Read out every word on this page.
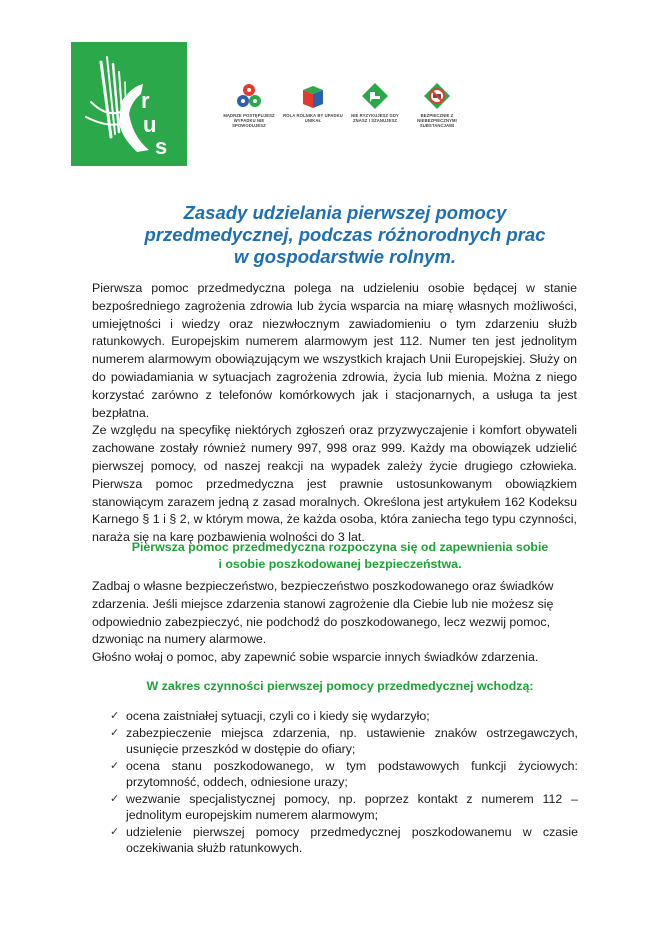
r
u
s
MĄDRZE POSTĘPUJESZ WYPADKU NIE SPOWODUJESZ
ROLA ROLNIKA BY UPADKU UNIKAŁ
NIE RYZYKUJESZ GDY ZNASZ I SZANUJESZ
BEZPIECZNIE Z NIEBEZPIECZNYMI SUBSTANCJAMI
Zasady udzielania pierwszej pomocy
przedmedycznej, podczas różnorodnych prac
w gospodarstwie rolnym.

Pierwsza pomoc przedmedyczna polega na udzieleniu osobie będącej w stanie bezpośredniego zagrożenia zdrowia lub życia wsparcia na miarę własnych możliwości, umiejętności i wiedzy oraz niezwłocznym zawiadomieniu o tym zdarzeniu służb ratunkowych. Europejskim numerem alarmowym jest 112. Numer ten jest jednolitym numerem alarmowym obowiązującym we wszystkich krajach Unii Europejskiej. Służy on do powiadamiania w sytuacjach zagrożenia zdrowia, życia lub mienia. Można z niego korzystać zarówno z telefonów komórkowych jak i stacjonarnych, a usługa ta jest bezpłatna.

Ze względu na specyfikę niektórych zgłoszeń oraz przyzwyczajenie i komfort obywateli zachowane zostały również numery 997, 998 oraz 999. Każdy ma obowiązek udzielić pierwszej pomocy, od naszej reakcji na wypadek zależy życie drugiego człowieka. Pierwsza pomoc przedmedyczna jest prawnie ustosunkowanym obowiązkiem stanowiącym zarazem jedną z zasad moralnych. Określona jest artykułem 162 Kodeksu Karnego § 1 i § 2, w którym mowa, że każda osoba, która zaniecha tego typu czynności, naraża się na karę pozbawienia wolności do 3 lat.

Pierwsza pomoc przedmedyczna rozpoczyna się od zapewnienia sobie
i osobie poszkodowanej bezpieczeństwa.

Zadbaj o własne bezpieczeństwo, bezpieczeństwo poszkodowanego oraz świadków zdarzenia. Jeśli miejsce zdarzenia stanowi zagrożenie dla Ciebie lub nie możesz się odpowiednio zabezpieczyć, nie podchodź do poszkodowanego, lecz wezwij pomoc, dzwoniąc na numery alarmowe.

Głośno wołaj o pomoc, aby zapewnić sobie wsparcie innych świadków zdarzenia.

W zakres czynności pierwszej pomocy przedmedycznej wchodzą:
✓ ocena zaistniałej sytuacji, czyli co i kiedy się wydarzyło;
✓ zabezpieczenie miejsca zdarzenia, np. ustawienie znaków ostrzegawczych, usunięcie przeszkód w dostępie do ofiary;
✓ ocena stanu poszkodowanego, w tym podstawowych funkcji życiowych: przytomność, oddech, odniesione urazy;
✓ wezwanie specjalistycznej pomocy, np. poprzez kontakt z numerem 112 – jednolitym europejskim numerem alarmowym;
✓ udzielenie pierwszej pomocy przedmedycznej poszkodowanemu w czasie oczekiwania służb ratunkowych.
